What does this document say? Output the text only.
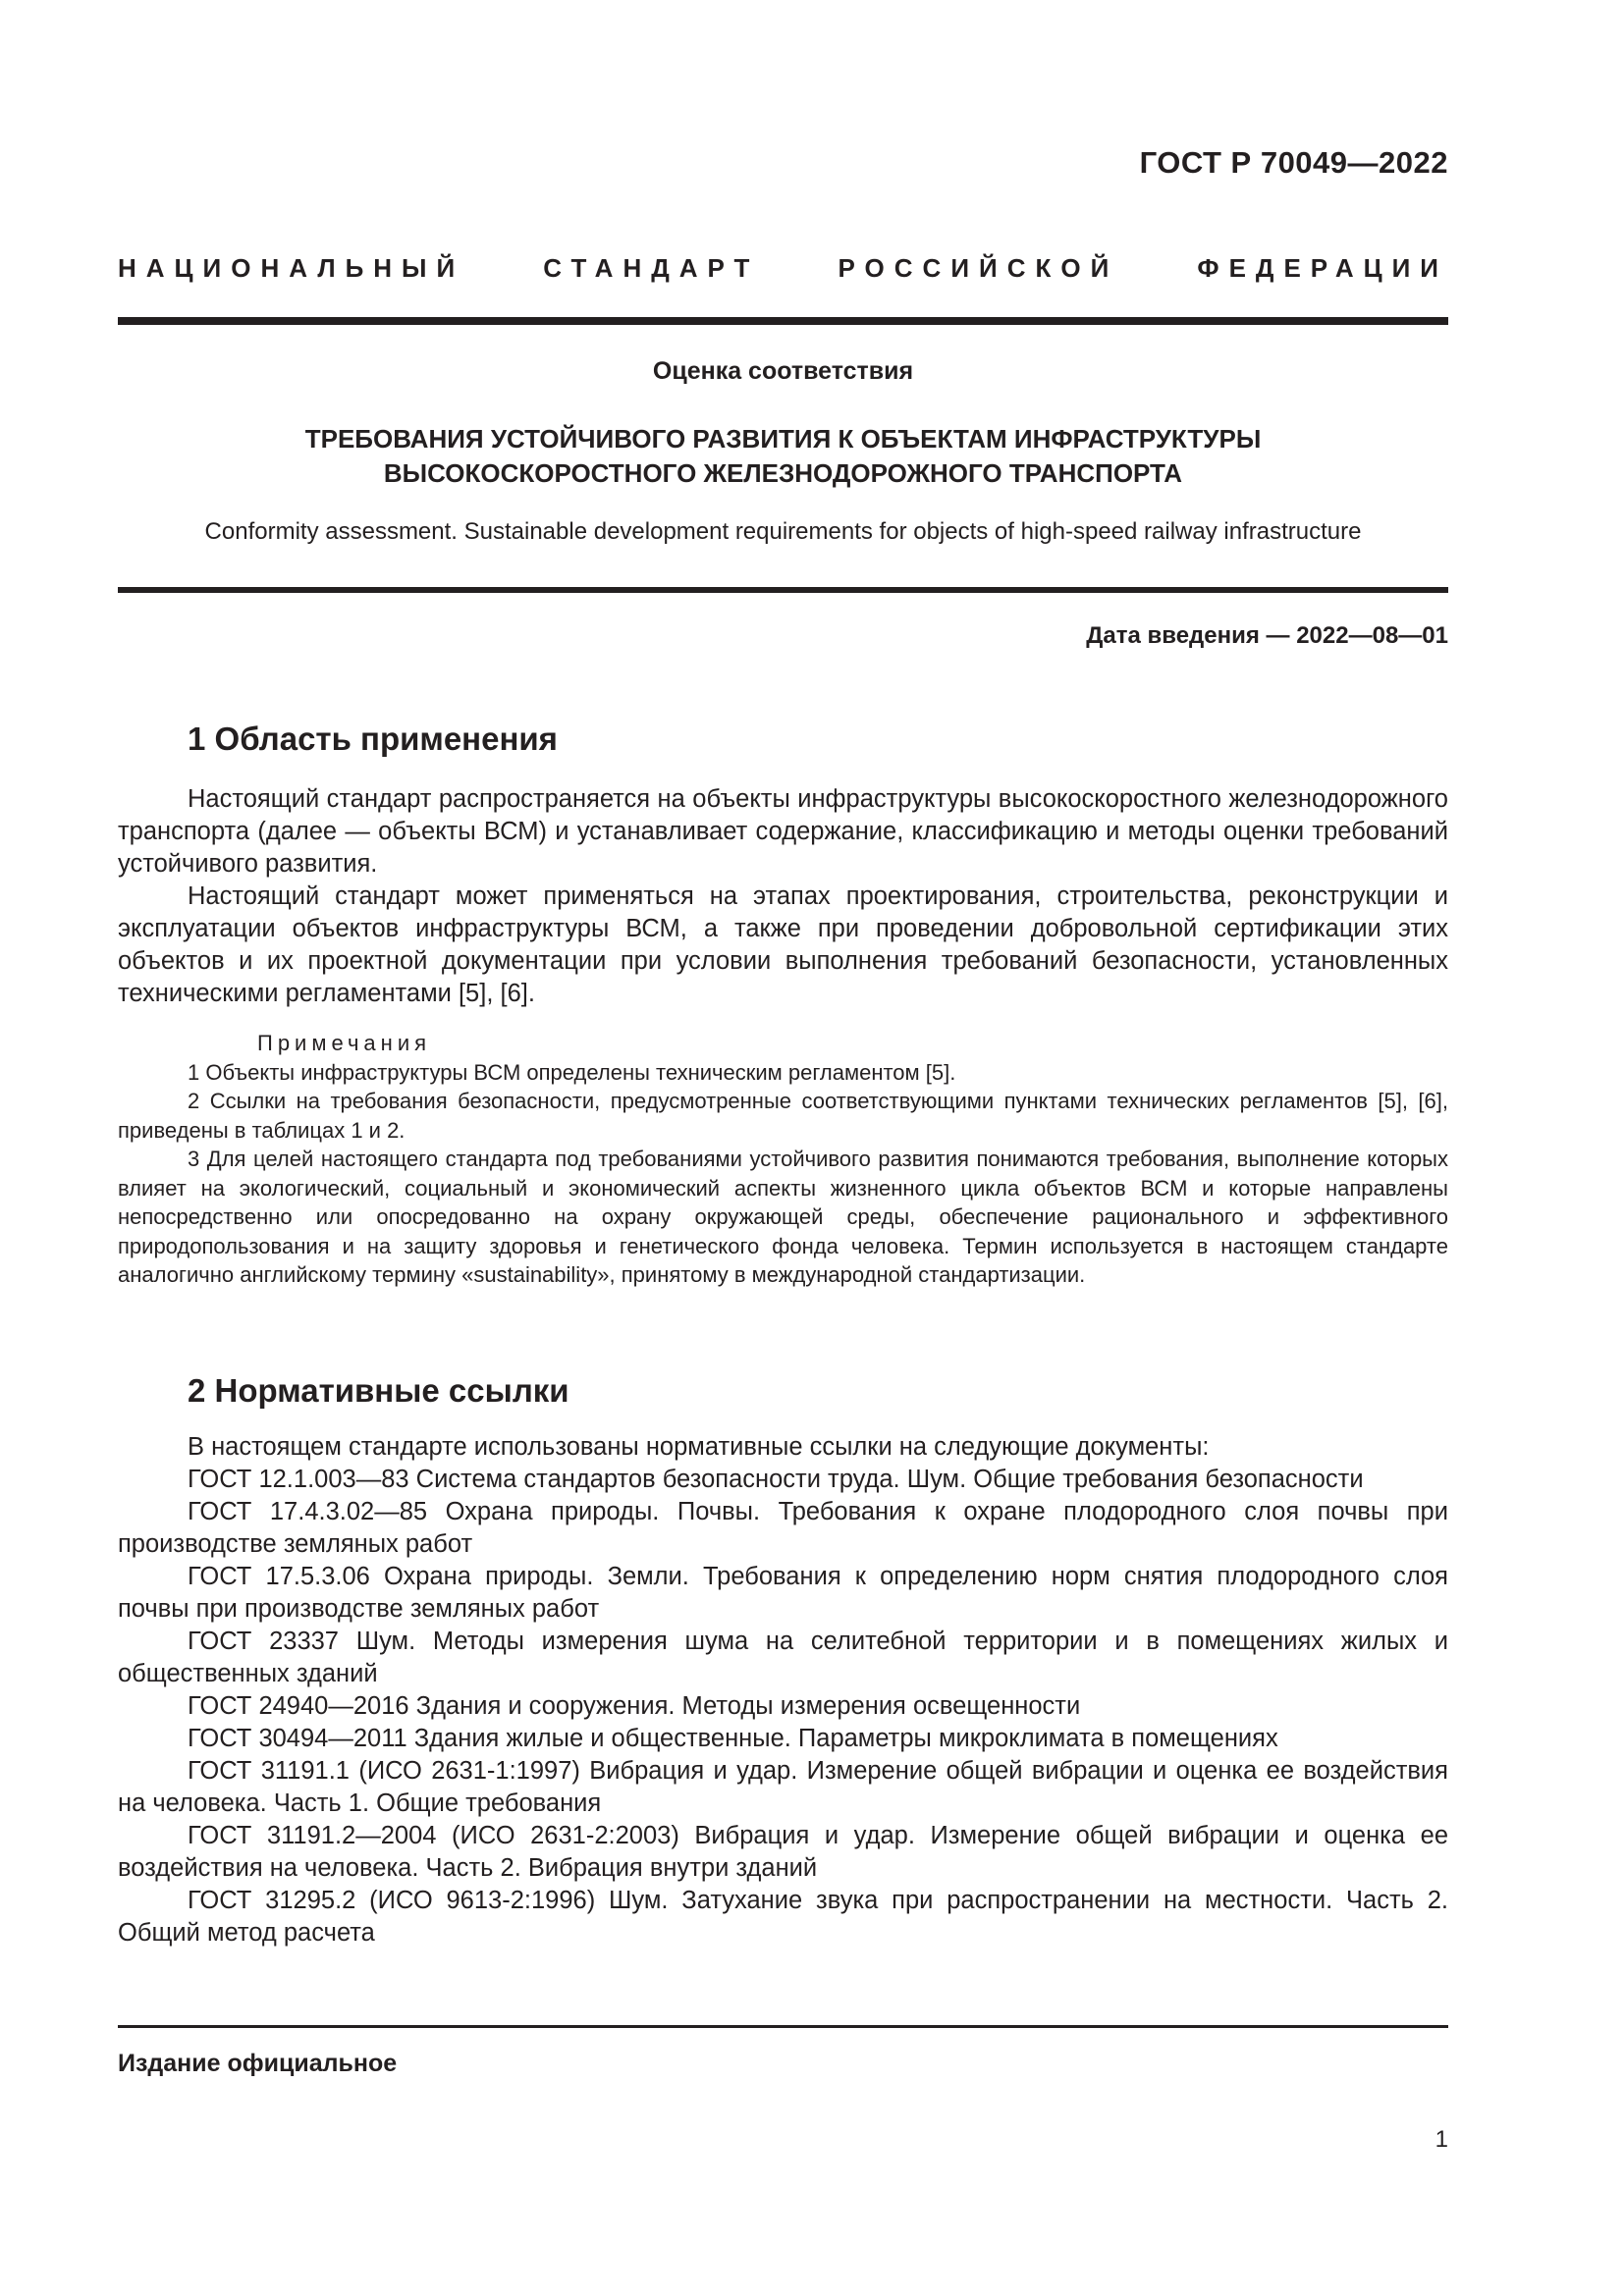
ГОСТ Р 70049—2022
НАЦИОНАЛЬНЫЙ СТАНДАРТ РОССИЙСКОЙ ФЕДЕРАЦИИ
Оценка соответствия
ТРЕБОВАНИЯ УСТОЙЧИВОГО РАЗВИТИЯ К ОБЪЕКТАМ ИНФРАСТРУКТУРЫ
ВЫСОКОСКОРОСТНОГО ЖЕЛЕЗНОДОРОЖНОГО ТРАНСПОРТА
Conformity assessment. Sustainable development requirements for objects of high-speed railway infrastructure
Дата введения — 2022—08—01
1 Область применения

Настоящий стандарт распространяется на объекты инфраструктуры высокоскоростного железнодорожного транспорта (далее — объекты ВСМ) и устанавливает содержание, классификацию и методы оценки требований устойчивого развития.

Настоящий стандарт может применяться на этапах проектирования, строительства, реконструкции и эксплуатации объектов инфраструктуры ВСМ, а также при проведении добровольной сертификации этих объектов и их проектной документации при условии выполнения требований безопасности, установленных техническими регламентами [5], [6].

Примечания

1 Объекты инфраструктуры ВСМ определены техническим регламентом [5].

2 Ссылки на требования безопасности, предусмотренные соответствующими пунктами технических регламентов [5], [6], приведены в таблицах 1 и 2.

3 Для целей настоящего стандарта под требованиями устойчивого развития понимаются требования, выполнение которых влияет на экологический, социальный и экономический аспекты жизненного цикла объектов ВСМ и которые направлены непосредственно или опосредованно на охрану окружающей среды, обеспечение рационального и эффективного природопользования и на защиту здоровья и генетического фонда человека. Термин используется в настоящем стандарте аналогично английскому термину «sustainability», принятому в международной стандартизации.

2 Нормативные ссылки

В настоящем стандарте использованы нормативные ссылки на следующие документы:

ГОСТ 12.1.003—83 Система стандартов безопасности труда. Шум. Общие требования безопасности

ГОСТ 17.4.3.02—85 Охрана природы. Почвы. Требования к охране плодородного слоя почвы при производстве земляных работ

ГОСТ 17.5.3.06 Охрана природы. Земли. Требования к определению норм снятия плодородного слоя почвы при производстве земляных работ

ГОСТ 23337 Шум. Методы измерения шума на селитебной территории и в помещениях жилых и общественных зданий

ГОСТ 24940—2016 Здания и сооружения. Методы измерения освещенности

ГОСТ 30494—2011 Здания жилые и общественные. Параметры микроклимата в помещениях

ГОСТ 31191.1 (ИСО 2631-1:1997) Вибрация и удар. Измерение общей вибрации и оценка ее воздействия на человека. Часть 1. Общие требования

ГОСТ 31191.2—2004 (ИСО 2631-2:2003) Вибрация и удар. Измерение общей вибрации и оценка ее воздействия на человека. Часть 2. Вибрация внутри зданий

ГОСТ 31295.2 (ИСО 9613-2:1996) Шум. Затухание звука при распространении на местности. Часть 2. Общий метод расчета

Издание официальное
1
